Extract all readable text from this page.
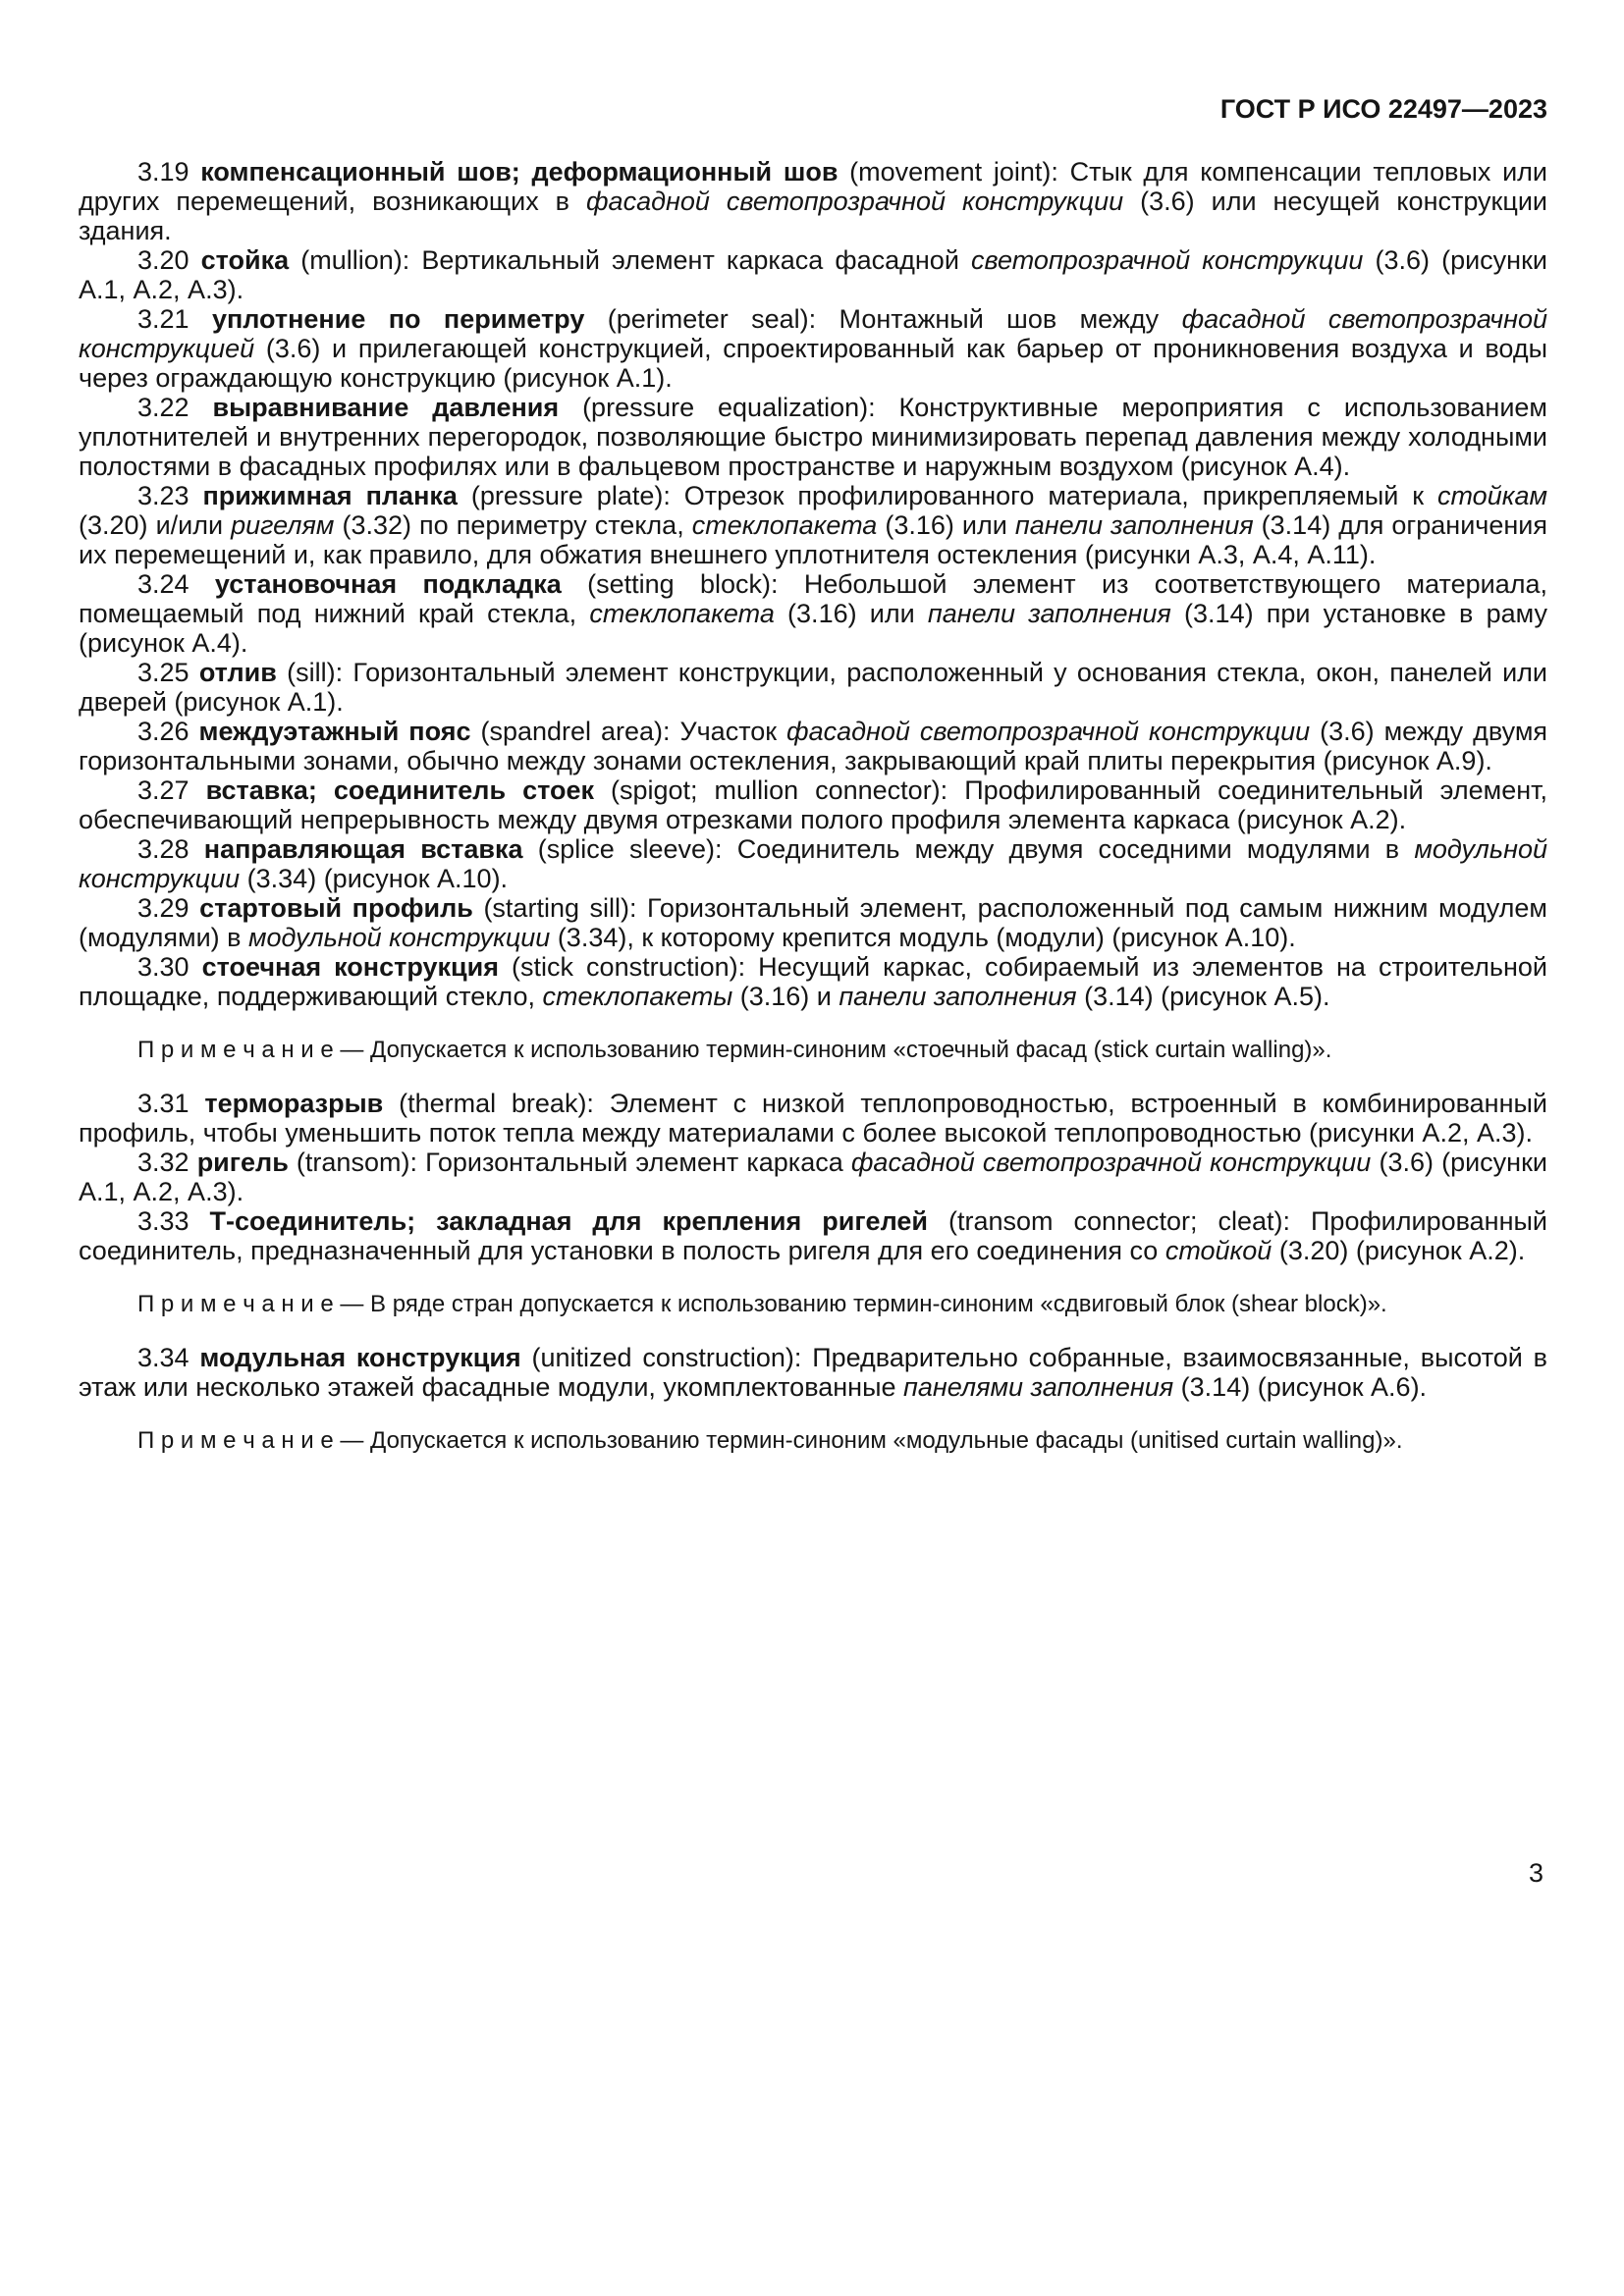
ГОСТ Р ИСО 22497—2023

3.19 компенсационный шов; деформационный шов (movement joint): Стык для компенсации тепловых или других перемещений, возникающих в фасадной светопрозрачной конструкции (3.6) или несущей конструкции здания.

3.20 стойка (mullion): Вертикальный элемент каркаса фасадной светопрозрачной конструкции (3.6) (рисунки А.1, А.2, А.3).

3.21 уплотнение по периметру (perimeter seal): Монтажный шов между фасадной светопрозрачной конструкцией (3.6) и прилегающей конструкцией, спроектированный как барьер от проникновения воздуха и воды через ограждающую конструкцию (рисунок А.1).

3.22 выравнивание давления (pressure equalization): Конструктивные мероприятия с использованием уплотнителей и внутренних перегородок, позволяющие быстро минимизировать перепад давления между холодными полостями в фасадных профилях или в фальцевом пространстве и наружным воздухом (рисунок А.4).

3.23 прижимная планка (pressure plate): Отрезок профилированного материала, прикрепляемый к стойкам (3.20) и/или ригелям (3.32) по периметру стекла, стеклопакета (3.16) или панели заполнения (3.14) для ограничения их перемещений и, как правило, для обжатия внешнего уплотнителя остекления (рисунки А.3, А.4, А.11).

3.24 установочная подкладка (setting block): Небольшой элемент из соответствующего материала, помещаемый под нижний край стекла, стеклопакета (3.16) или панели заполнения (3.14) при установке в раму (рисунок А.4).

3.25 отлив (sill): Горизонтальный элемент конструкции, расположенный у основания стекла, окон, панелей или дверей (рисунок А.1).

3.26 междуэтажный пояс (spandrel area): Участок фасадной светопрозрачной конструкции (3.6) между двумя горизонтальными зонами, обычно между зонами остекления, закрывающий край плиты перекрытия (рисунок А.9).

3.27 вставка; соединитель стоек (spigot; mullion connector): Профилированный соединительный элемент, обеспечивающий непрерывность между двумя отрезками полого профиля элемента каркаса (рисунок А.2).

3.28 направляющая вставка (splice sleeve): Соединитель между двумя соседними модулями в модульной конструкции (3.34) (рисунок А.10).

3.29 стартовый профиль (starting sill): Горизонтальный элемент, расположенный под самым нижним модулем (модулями) в модульной конструкции (3.34), к которому крепится модуль (модули) (рисунок А.10).

3.30 стоечная конструкция (stick construction): Несущий каркас, собираемый из элементов на строительной площадке, поддерживающий стекло, стеклопакеты (3.16) и панели заполнения (3.14) (рисунок А.5).

П р и м е ч а н и е — Допускается к использованию термин-синоним «стоечный фасад (stick curtain walling)».

3.31 терморазрыв (thermal break): Элемент с низкой теплопроводностью, встроенный в комбинированный профиль, чтобы уменьшить поток тепла между материалами с более высокой теплопроводностью (рисунки А.2, А.3).

3.32 ригель (transom): Горизонтальный элемент каркаса фасадной светопрозрачной конструкции (3.6) (рисунки А.1, А.2, А.3).

3.33 Т-соединитель; закладная для крепления ригелей (transom connector; cleat): Профилированный соединитель, предназначенный для установки в полость ригеля для его соединения со стойкой (3.20) (рисунок А.2).

П р и м е ч а н и е — В ряде стран допускается к использованию термин-синоним «сдвиговый блок (shear block)».

3.34 модульная конструкция (unitized construction): Предварительно собранные, взаимосвязанные, высотой в этаж или несколько этажей фасадные модули, укомплектованные панелями заполнения (3.14) (рисунок А.6).

П р и м е ч а н и е — Допускается к использованию термин-синоним «модульные фасады (unitised curtain walling)».

3
